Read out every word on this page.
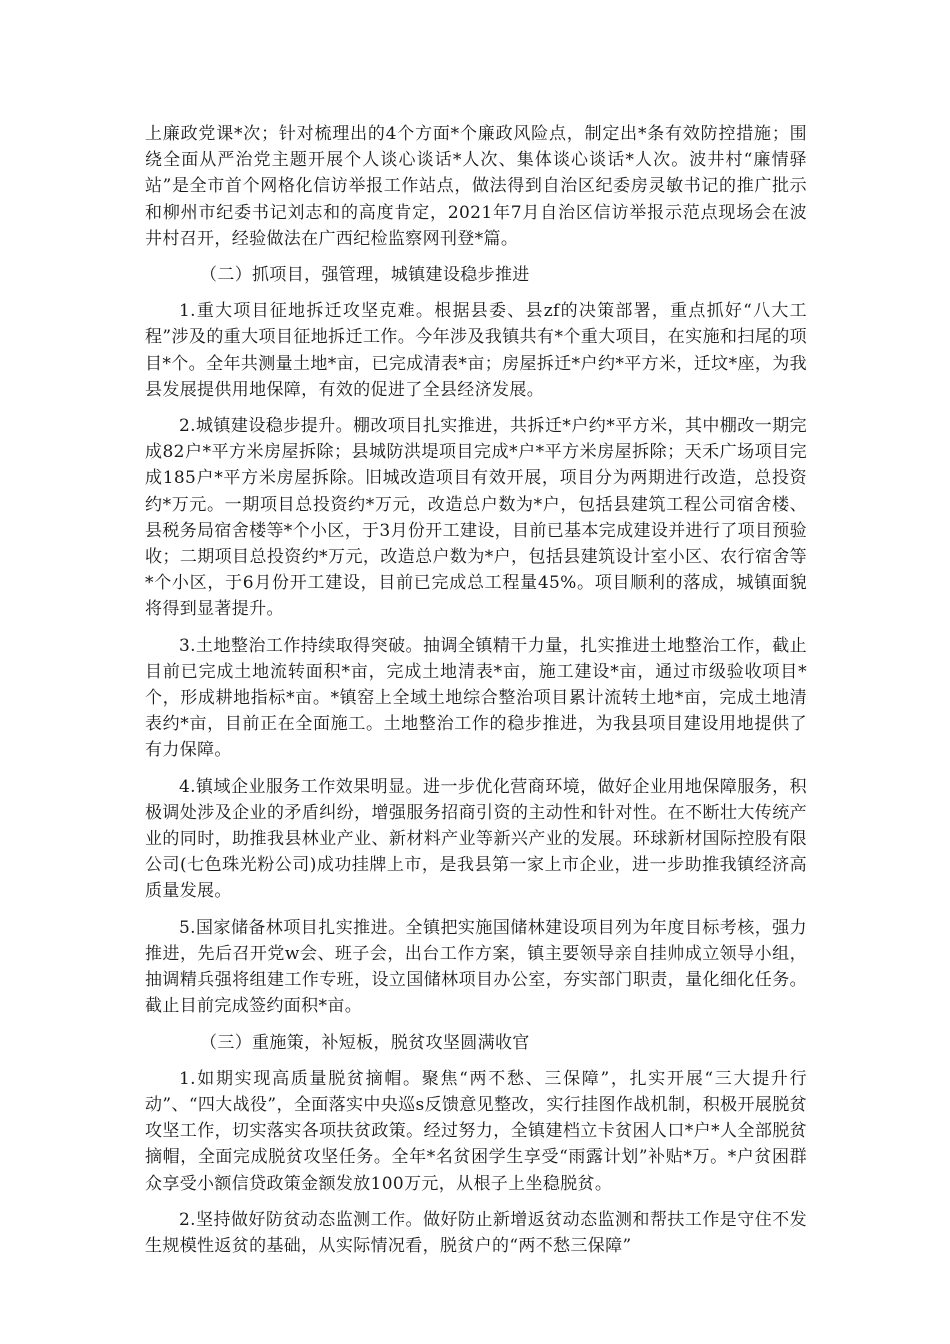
上廉政党课*次；针对梳理出的4个方面*个廉政风险点，制定出*条有效防控措施；围绕全面从严治党主题开展个人谈心谈话*人次、集体谈心谈话*人次。波井村“廉情驿站”是全市首个网格化信访举报工作站点，做法得到自治区纪委房灵敏书记的推广批示和柳州市纪委书记刘志和的高度肯定，2021年7月自治区信访举报示范点现场会在波井村召开，经验做法在广西纪检监察网刊登*篇。

（二）抓项目，强管理，城镇建设稳步推进

1.重大项目征地拆迁攻坚克难。根据县委、县zf的决策部署，重点抓好“八大工程”涉及的重大项目征地拆迁工作。今年涉及我镇共有*个重大项目，在实施和扫尾的项目*个。全年共测量土地*亩，已完成清表*亩；房屋拆迁*户约*平方米，迁坟*座，为我县发展提供用地保障，有效的促进了全县经济发展。

2.城镇建设稳步提升。棚改项目扎实推进，共拆迁*户约*平方米，其中棚改一期完成82户*平方米房屋拆除；县城防洪堤项目完成*户*平方米房屋拆除；天禾广场项目完成185户*平方米房屋拆除。旧城改造项目有效开展，项目分为两期进行改造，总投资约*万元。一期项目总投资约*万元，改造总户数为*户，包括县建筑工程公司宿舍楼、县税务局宿舍楼等*个小区，于3月份开工建设，目前已基本完成建设并进行了项目预验收；二期项目总投资约*万元，改造总户数为*户，包括县建筑设计室小区、农行宿舍等*个小区，于6月份开工建设，目前已完成总工程量45%。项目顺利的落成，城镇面貌将得到显著提升。

3.土地整治工作持续取得突破。抽调全镇精干力量，扎实推进土地整治工作，截止目前已完成土地流转面积*亩，完成土地清表*亩，施工建设*亩，通过市级验收项目*个，形成耕地指标*亩。*镇窑上全域土地综合整治项目累计流转土地*亩，完成土地清表约*亩，目前正在全面施工。土地整治工作的稳步推进，为我县项目建设用地提供了有力保障。

4.镇域企业服务工作效果明显。进一步优化营商环境，做好企业用地保障服务，积极调处涉及企业的矛盾纠纷，增强服务招商引资的主动性和针对性。在不断壮大传统产业的同时，助推我县林业产业、新材料产业等新兴产业的发展。环球新材国际控股有限公司(七色珠光粉公司)成功挂牌上市，是我县第一家上市企业，进一步助推我镇经济高质量发展。

5.国家储备林项目扎实推进。全镇把实施国储林建设项目列为年度目标考核，强力推进，先后召开党w会、班子会，出台工作方案，镇主要领导亲自挂帅成立领导小组，抽调精兵强将组建工作专班，设立国储林项目办公室，夯实部门职责，量化细化任务。截止目前完成签约面积*亩。

（三）重施策，补短板，脱贫攻坚圆满收官

1.如期实现高质量脱贫摘帽。聚焦“两不愁、三保障”，扎实开展“三大提升行动”、“四大战役”，全面落实中央巡s反馈意见整改，实行挂图作战机制，积极开展脱贫攻坚工作，切实落实各项扶贫政策。经过努力，全镇建档立卡贫困人口*户*人全部脱贫摘帽，全面完成脱贫攻坚任务。全年*名贫困学生享受“雨露计划”补贴*万。*户贫困群众享受小额信贷政策金额发放100万元，从根子上坐稳脱贫。

2.坚持做好防贫动态监测工作。做好防止新增返贫动态监测和帮扶工作是守住不发生规模性返贫的基础，从实际情况看，脱贫户的“两不愁三保障”
